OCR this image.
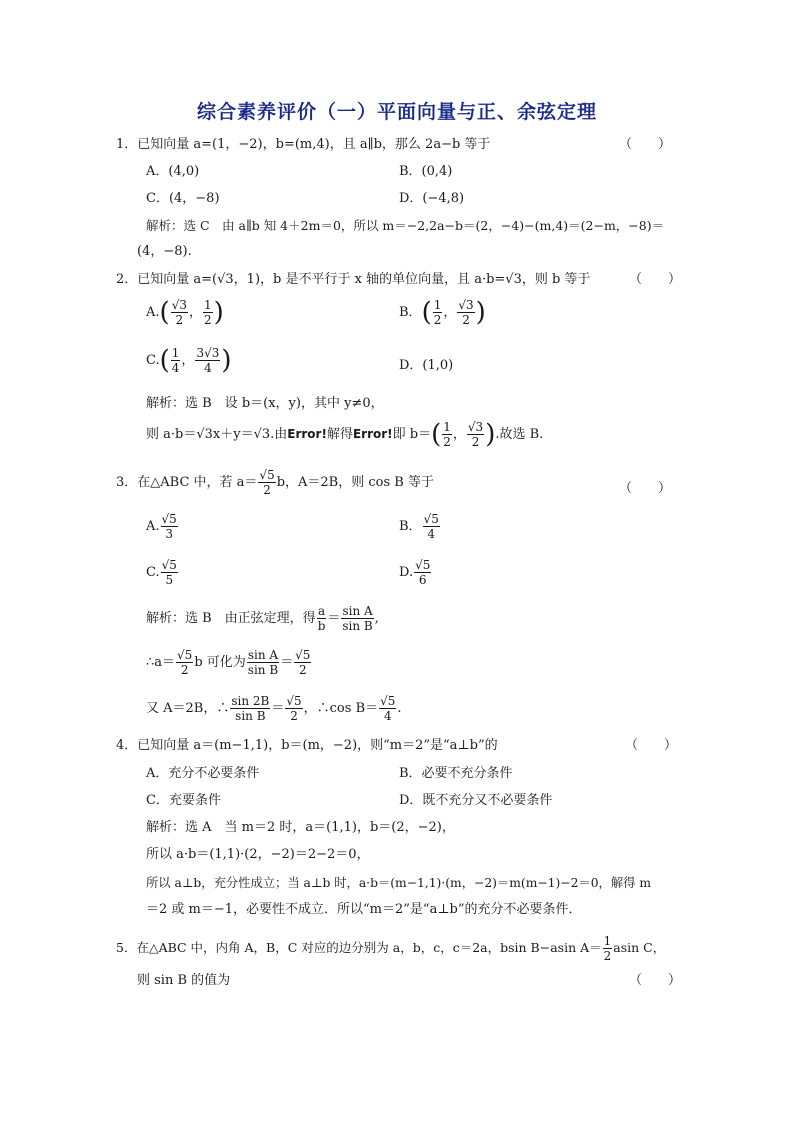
综合素养评价（一）平面向量与正、余弦定理
1．已知向量 a=(1，−2)，b=(m,4)，且 a∥b，那么 2a−b 等于	（　　）
A．(4,0)	B．(0,4)
C．(4，−8)	D．(−4,8)
解析：选 C　由 a∥b 知 4＋2m＝0，所以 m＝−2,2a−b＝(2，−4)−(m,4)＝(2−m，−8)＝
(4，−8).
2．已知向量 a=(√3，1)，b 是不平行于 x 轴的单位向量，且 a·b=√3，则 b 等于	（　　）
$A.( \frac{√3}{2}$ ， $\frac{1}{2}$ )	B．( $\frac{1}{2}$ ， $\frac{√3}{2}$ )
$C.( \frac{1}{4}$ ， $\frac{3√3}{4}$ )	D．(1,0)
解析：选 B　设 b＝(x，y)，其中 y≠0，
则 a·b＝√3x＋y＝√3.由Error!解得Error!即 $b=( \frac{1}{2}$ ， $\frac{√3}{2}$ ).故选 B.
3．在△ABC 中，若 $a= \frac{√5}{2}$ b，A＝2B，则 cos B 等于	（　　）
A. $\frac{√5}{3}$	B． $\frac{√5}{4}$
C. $\frac{√5}{5}$	D. $\frac{√5}{6}$
解析：选 B　由正弦定理，得 $\frac{a}{b} = \frac{\text{sin A}}{\text{sin B}}$ ,
∴a＝ $\frac{√5}{2}$ b 可化为 $\frac{\text{sin A}}{\text{sin B}} = \frac{√5}{2}$
又 A＝2B，∴ $\frac{\sin 2B}{\text{sin B}} = \frac{√5}{2}$ ，∴cos $B= \frac{√5}{4}$ .
4．已知向量 a＝(m−1,1)，b＝(m，−2)，则“m＝2”是“a⊥b”的	（　　）
A．充分不必要条件	B．必要不充分条件
C．充要条件	D．既不充分又不必要条件
解析：选 A　当 m＝2 时，a＝(1,1)，b＝(2，−2)，
所以 a·b＝(1,1)·(2，−2)＝2−2＝0，
所以 a⊥b，充分性成立；当 a⊥b 时，a·b＝(m−1,1)·(m，−2)＝m(m−1)−2＝0，解得 m
＝2 或 m＝−1，必要性不成立．所以“m＝2”是“a⊥b”的充分不必要条件．
5．在△ABC 中，内角 A，B，C 对应的边分别为 a，b，c，c＝2a，bsin B−asin $A= \frac{1}{2}$ asin C，
则 sin B 的值为	（　　）
